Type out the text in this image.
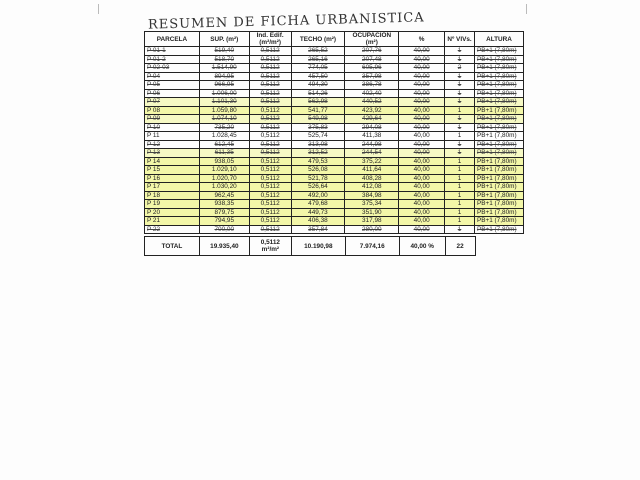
RESUMEN DE FICHA URBANISTICA
PARCELA	SUP. (m²)	Ind. Edif. (m²/m²)	TECHO (m²)	OCUPACIÓN (m²)	%	Nº VIVs.	ALTURA
P 01-1	519,40	0,5112	265,52	207,76	40,00	1	PB+1 (7,80m)
P 01-2	518,70	0,5112	265,16	207,48	40,00	1	PB+1 (7,80m)
P 02-03	1.514,90	0,5112	774,05	605,96	40,00	2	PB+1 (7,80m)
P 04	894,95	0,5112	457,50	357,98	40,00	1	PB+1 (7,80m)
P 05	966,95	0,5112	494,30	386,78	40,00	1	PB+1 (7,80m)
P 06	1.006,00	0,5112	514,26	402,40	40,00	1	PB+1 (7,80m)
P 07	1.101,30	0,5112	562,98	440,52	40,00	1	PB+1 (7,80m)
P 08	1.059,80	0,5112	541,77	423,92	40,00	1	PB+1 (7,80m)
P 09	1.074,10	0,5112	549,08	429,64	40,00	1	PB+1 (7,80m)
P 10	735,20	0,5112	375,83	294,08	40,00	1	PB+1 (7,80m)
P 11	1.028,45	0,5112	525,74	411,38	40,00	1	PB+1 (7,80m)
P 12	612,45	0,5112	313,08	244,98	40,00	1	PB+1 (7,80m)
P 13	611,35	0,5112	312,52	244,54	40,00	1	PB+1 (7,80m)
P 14	938,05	0,5112	479,53	375,22	40,00	1	PB+1 (7,80m)
P 15	1.029,10	0,5112	526,08	411,64	40,00	1	PB+1 (7,80m)
P 16	1.020,70	0,5112	521,78	408,28	40,00	1	PB+1 (7,80m)
P 17	1.030,20	0,5112	526,64	412,08	40,00	1	PB+1 (7,80m)
P 18	962,45	0,5112	492,00	384,98	40,00	1	PB+1 (7,80m)
P 19	938,35	0,5112	479,68	375,34	40,00	1	PB+1 (7,80m)
P 20	879,75	0,5112	449,73	351,90	40,00	1	PB+1 (7,80m)
P 21	794,95	0,5112	406,38	317,98	40,00	1	PB+1 (7,80m)
P 22	700,00	0,5112	357,84	280,00	40,00	1	PB+1 (7,80m)
TOTAL	19.935,40	0,5112 m²/m²	10.190,98	7.974,16	40,00 %	22	
